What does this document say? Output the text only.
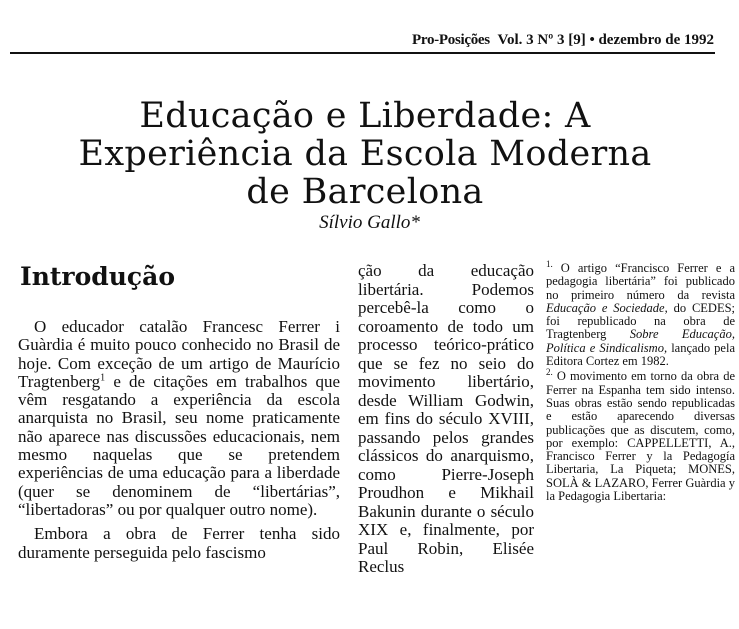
Pro-Posições Vol. 3 Nº 3 [9] • dezembro de 1992
Educação e Liberdade: A
Experiência da Escola Moderna
de Barcelona
Sílvio Gallo*
Introdução

O educador catalão Francesc Ferrer i Guàrdia é muito pouco conhecido no Brasil de hoje. Com exceção de um artigo de Maurício Tragtenberg$^1$ e de citações em trabalhos que vêm resgatando a experiência da escola anarquista no Brasil, seu nome praticamente não aparece nas discussões educacionais, nem mesmo naquelas que se pretendem experiências de uma educação para a liberdade (quer se denominem de “libertárias”, “libertadoras” ou por qualquer outro nome).

Embora a obra de Ferrer tenha sido duramente perseguida pelo fascismo

ção da educação libertária. Podemos percebê-la como o coroamento de todo um processo teórico-prático que se fez no seio do movimento libertário, desde William Godwin, em fins do século XVIII, passando pelos grandes clássicos do anarquismo, como Pierre-Joseph Proudhon e Mikhail Bakunin durante o século XIX e, finalmente, por Paul Robin, Elisée Reclus

$^{1.}$ O artigo “Francisco Ferrer e a pedagogia libertária” foi publicado no primeiro número da revista Educação e Sociedade, do CEDES; foi republicado na obra de Tragtenberg Sobre Educação, Política e Sindicalismo, lançado pela Editora Cortez em 1982.

$^{2.}$ O movimento em torno da obra de Ferrer na Espanha tem sido intenso. Suas obras estão sendo republicadas e estão aparecendo diversas publicações que as discutem, como, por exemplo: CAPPELLETTI, A., Francisco Ferrer y la Pedagogía Libertaria, La Piqueta; MONES, SOLÀ & LAZARO, Ferrer Guàrdia y la Pedagogia Libertaria:
